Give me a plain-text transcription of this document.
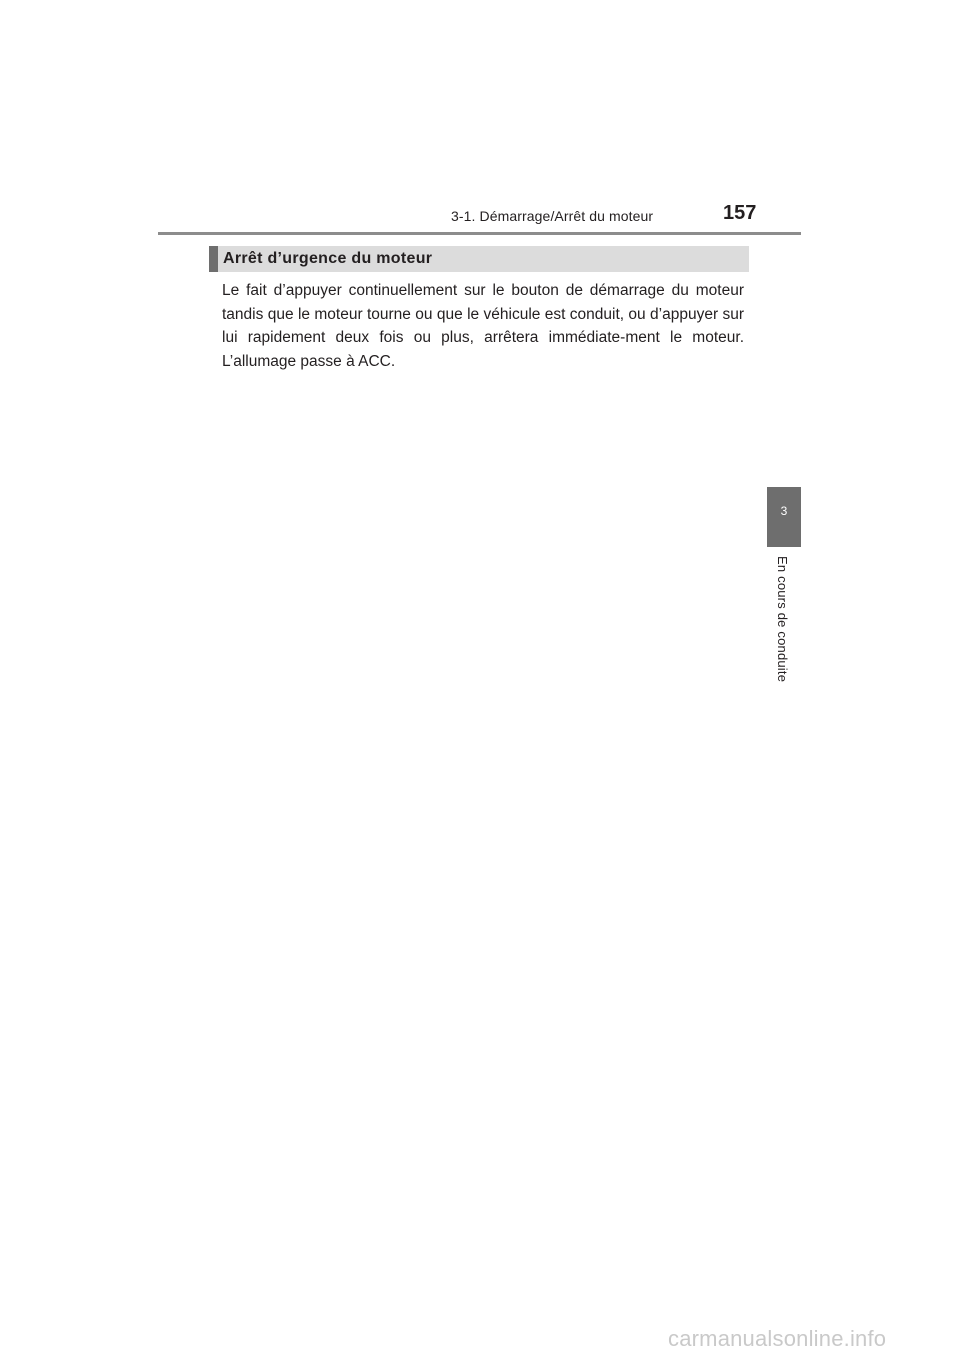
3-1. Démarrage/Arrêt du moteur	157
Arrêt d’urgence du moteur
Le fait d’appuyer continuellement sur le bouton de démarrage du moteur tandis que le moteur tourne ou que le véhicule est conduit, ou d’appuyer sur lui rapidement deux fois ou plus, arrêtera immédiate-ment le moteur. L’allumage passe à ACC.
3
En cours de conduite
carmanualsonline.info
